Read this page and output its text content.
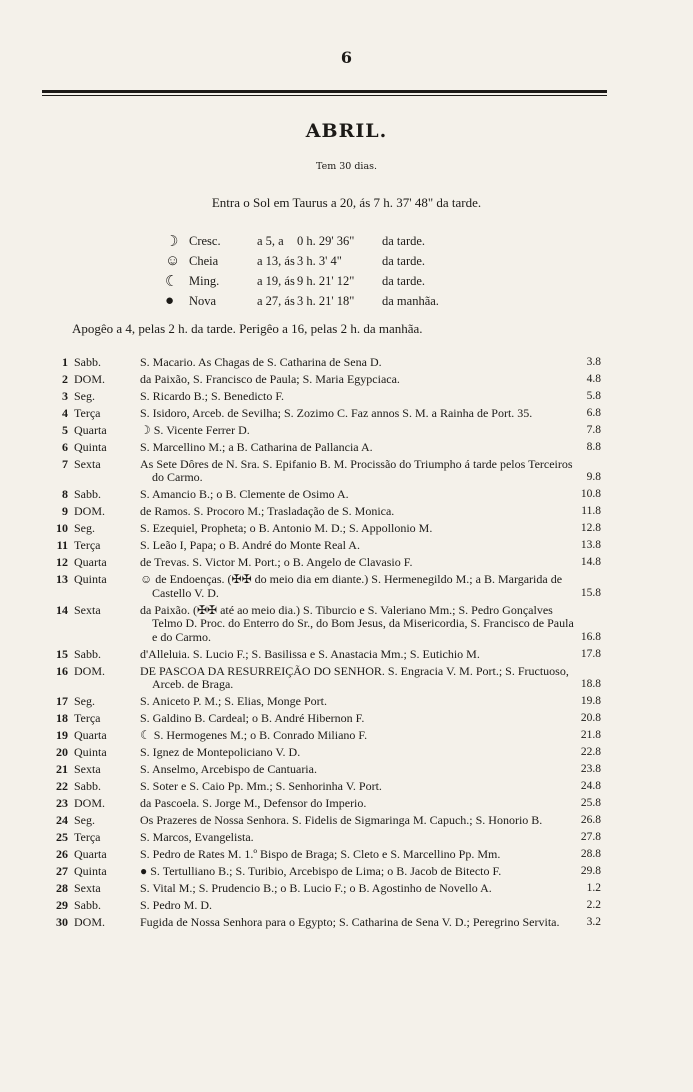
6
ABRIL.
Tem 30 dias.
Entra o Sol em Taurus a 20, ás 7 h. 37' 48" da tarde.
☽ Cresc.	a 5, a	0 h. 29' 36"	da tarde.
☺ Cheia	a 13, ás 3 h. 3' 4"	da tarde.
☾ Ming.	a 19, ás 9 h. 21' 12"	da tarde.
●	Nova	a 27, ás 3 h. 21' 18"	da manhãa.
Apogêo a 4, pelas 2 h. da tarde. Perigêo a 16, pelas 2 h. da manhãa.
1 Sabb.	S. Macario. As Chagas de S. Catharina de Sena D.	3.8
2 DOM.	da Paixão, S. Francisco de Paula; S. Maria Egypciaca.	4.8
3 Seg.	S. Ricardo B.; S. Benedicto F.	5.8
4 Terça	S. Isidoro, Arceb. de Sevilha; S. Zozimo C. Faz annos S. M. a Rainha de Port. 35.	6.8
5 Quarta	☽ S. Vicente Ferrer D.	7.8
6 Quinta	S. Marcellino M.; a B. Catharina de Pallancia A.	8.8
7 Sexta	As Sete Dôres de N. Sra. S. Epifanio B. M. Procissão do Triumpho á tarde pelos Terceiros do Carmo.	9.8
8 Sabb.	S. Amancio B.; o B. Clemente de Osimo A.	10.8
9 DOM.	de Ramos. S. Procoro M.; Trasladação de S. Monica.	11.8
10 Seg.	S. Ezequiel, Propheta; o B. Antonio M. D.; S. Appollonio M.	12.8
11 Terça	S. Leão I, Papa; o B. André do Monte Real A.	13.8
12 Quarta	de Trevas. S. Victor M. Port.; o B. Angelo de Clavasio F.	14.8
13 Quinta	☺ de Endoenças. (✠✠ do meio dia em diante.) S. Hermenegildo M.; a B. Margarida de Castello V. D.	15.8
14 Sexta	da Paixão. (✠✠ até ao meio dia.) S. Tiburcio e S. Valeriano Mm.; S. Pedro Gonçalves Telmo D. Proc. do Enterro do Sr., do Bom Jesus, da Misericordia, S. Francisco de Paula e do Carmo.	16.8
15 Sabb.	d'Alleluia. S. Lucio F.; S. Basilissa e S. Anastacia Mm.; S. Eutichio M.	17.8
16 DOM.	DE PASCOA DA RESURREIÇÃO DO SENHOR. S. Engracia V. M. Port.; S. Fructuoso, Arceb. de Braga.	18.8
17 Seg.	S. Aniceto P. M.; S. Elias, Monge Port.	19.8
18 Terça	S. Galdino B. Cardeal; o B. André Hibernon F.	20.8
19 Quarta	☾ S. Hermogenes M.; o B. Conrado Miliano F.	21.8
20 Quinta	S. Ignez de Montepoliciano V. D.	22.8
21 Sexta	S. Anselmo, Arcebispo de Cantuaria.	23.8
22 Sabb.	S. Soter e S. Caio Pp. Mm.; S. Senhorinha V. Port.	24.8
23 DOM.	da Pascoela. S. Jorge M., Defensor do Imperio.	25.8
24 Seg.	Os Prazeres de Nossa Senhora. S. Fidelis de Sigmaringa M. Capuch.; S. Honorio B.	26.8
25 Terça	S. Marcos, Evangelista.	27.8
26 Quarta	S. Pedro de Rates M. 1.º Bispo de Braga; S. Cleto e S. Marcellino Pp. Mm.	28.8
27 Quinta	● S. Tertulliano B.; S. Turibio, Arcebispo de Lima; o B. Jacob de Bitecto F.	29.8
28 Sexta	S. Vital M.; S. Prudencio B.; o B. Lucio F.; o B. Agostinho de Novello A.	1.2
29 Sabb.	S. Pedro M. D.	2.2
30 DOM.	Fugida de Nossa Senhora para o Egypto; S. Catharina de Sena V. D.; Peregrino Servita.	3.2
